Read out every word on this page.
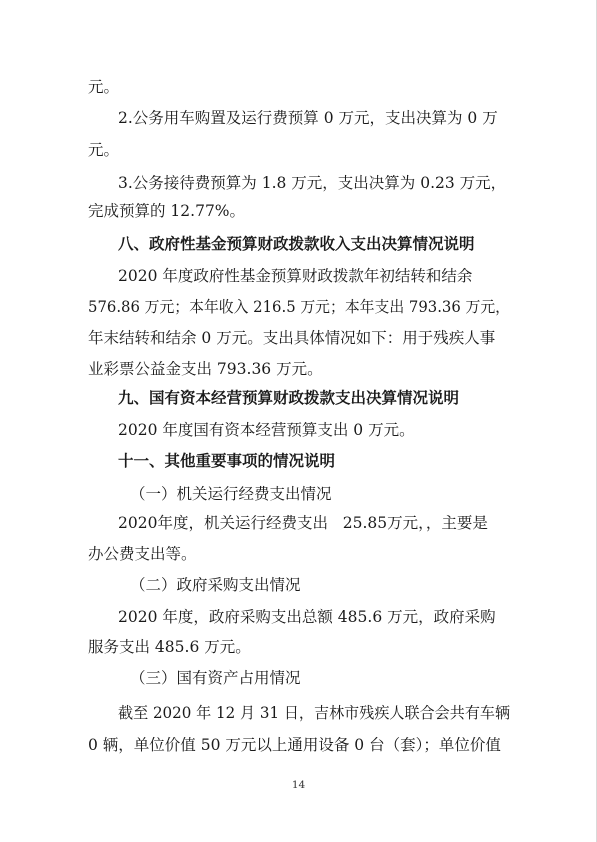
元。
2.公务用车购置及运行费预算 0 万元，支出决算为 0 万
元。
3.公务接待费预算为 1.8 万元，支出决算为 0.23 万元，
完成预算的 12.77%。
八、政府性基金预算财政拨款收入支出决算情况说明
2020 年度政府性基金预算财政拨款年初结转和结余
576.86 万元；本年收入 216.5 万元；本年支出 793.36 万元，
年末结转和结余 0 万元。支出具体情况如下：用于残疾人事
业彩票公益金支出 793.36 万元。
九、国有资本经营预算财政拨款支出决算情况说明
2020 年度国有资本经营预算支出 0 万元。
十一、其他重要事项的情况说明
（一）机关运行经费支出情况
2020年度，机关运行经费支出   25.85万元，，主要是
办公费支出等。
（二）政府采购支出情况
2020 年度，政府采购支出总额 485.6 万元，政府采购
服务支出 485.6 万元。
（三）国有资产占用情况
截至 2020 年 12 月 31 日，吉林市残疾人联合会共有车辆
0 辆，单位价值 50 万元以上通用设备 0 台（套）；单位价值
14
